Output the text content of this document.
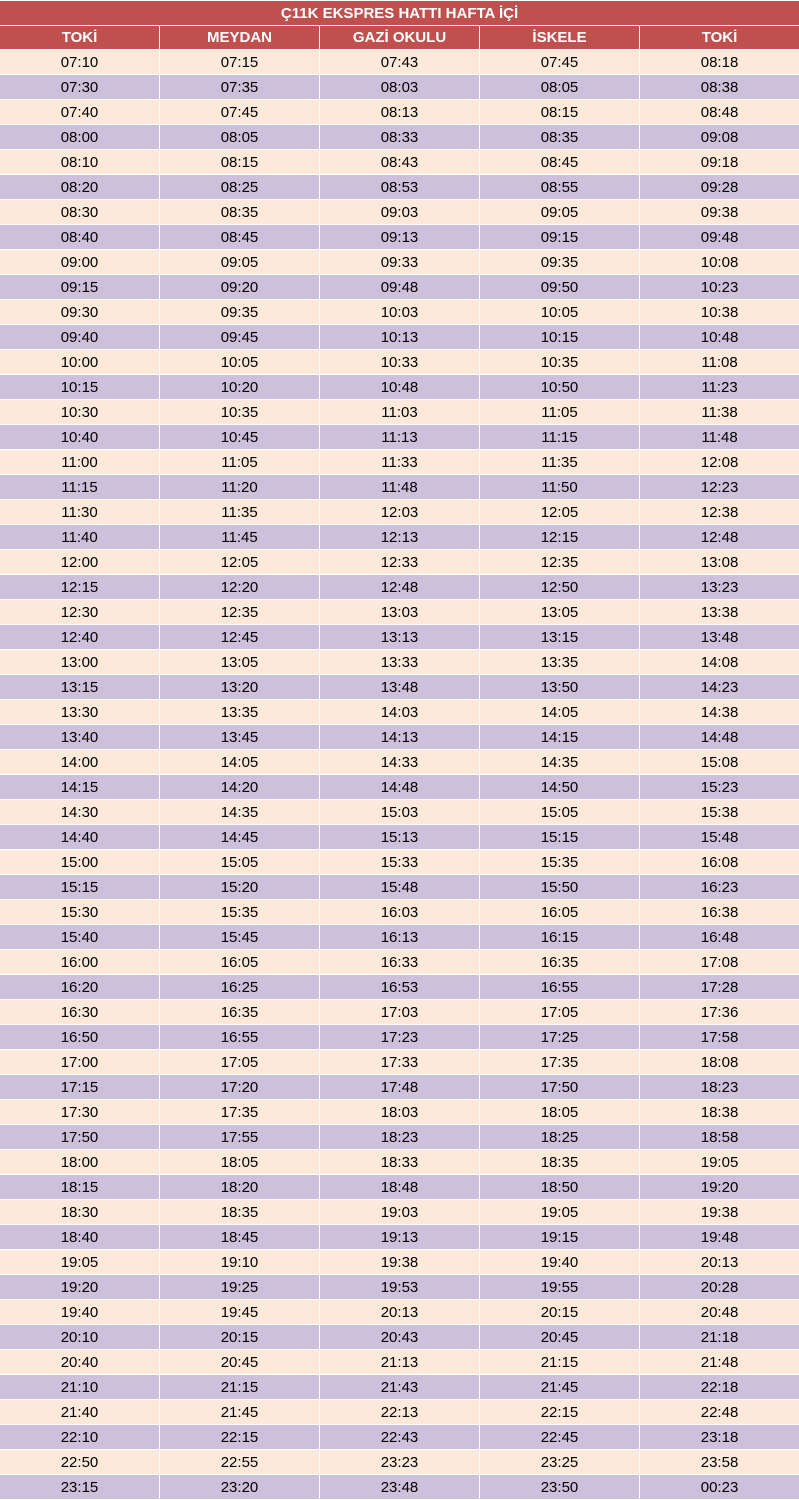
Ç11K EKSPRES HATTI HAFTA İÇİ				
TOKİ	MEYDAN	GAZİ OKULU	İSKELE	TOKİ
07:10	07:15	07:43	07:45	08:18
07:30	07:35	08:03	08:05	08:38
07:40	07:45	08:13	08:15	08:48
08:00	08:05	08:33	08:35	09:08
08:10	08:15	08:43	08:45	09:18
08:20	08:25	08:53	08:55	09:28
08:30	08:35	09:03	09:05	09:38
08:40	08:45	09:13	09:15	09:48
09:00	09:05	09:33	09:35	10:08
09:15	09:20	09:48	09:50	10:23
09:30	09:35	10:03	10:05	10:38
09:40	09:45	10:13	10:15	10:48
10:00	10:05	10:33	10:35	11:08
10:15	10:20	10:48	10:50	11:23
10:30	10:35	11:03	11:05	11:38
10:40	10:45	11:13	11:15	11:48
11:00	11:05	11:33	11:35	12:08
11:15	11:20	11:48	11:50	12:23
11:30	11:35	12:03	12:05	12:38
11:40	11:45	12:13	12:15	12:48
12:00	12:05	12:33	12:35	13:08
12:15	12:20	12:48	12:50	13:23
12:30	12:35	13:03	13:05	13:38
12:40	12:45	13:13	13:15	13:48
13:00	13:05	13:33	13:35	14:08
13:15	13:20	13:48	13:50	14:23
13:30	13:35	14:03	14:05	14:38
13:40	13:45	14:13	14:15	14:48
14:00	14:05	14:33	14:35	15:08
14:15	14:20	14:48	14:50	15:23
14:30	14:35	15:03	15:05	15:38
14:40	14:45	15:13	15:15	15:48
15:00	15:05	15:33	15:35	16:08
15:15	15:20	15:48	15:50	16:23
15:30	15:35	16:03	16:05	16:38
15:40	15:45	16:13	16:15	16:48
16:00	16:05	16:33	16:35	17:08
16:20	16:25	16:53	16:55	17:28
16:30	16:35	17:03	17:05	17:36
16:50	16:55	17:23	17:25	17:58
17:00	17:05	17:33	17:35	18:08
17:15	17:20	17:48	17:50	18:23
17:30	17:35	18:03	18:05	18:38
17:50	17:55	18:23	18:25	18:58
18:00	18:05	18:33	18:35	19:05
18:15	18:20	18:48	18:50	19:20
18:30	18:35	19:03	19:05	19:38
18:40	18:45	19:13	19:15	19:48
19:05	19:10	19:38	19:40	20:13
19:20	19:25	19:53	19:55	20:28
19:40	19:45	20:13	20:15	20:48
20:10	20:15	20:43	20:45	21:18
20:40	20:45	21:13	21:15	21:48
21:10	21:15	21:43	21:45	22:18
21:40	21:45	22:13	22:15	22:48
22:10	22:15	22:43	22:45	23:18
22:50	22:55	23:23	23:25	23:58
23:15	23:20	23:48	23:50	00:23
